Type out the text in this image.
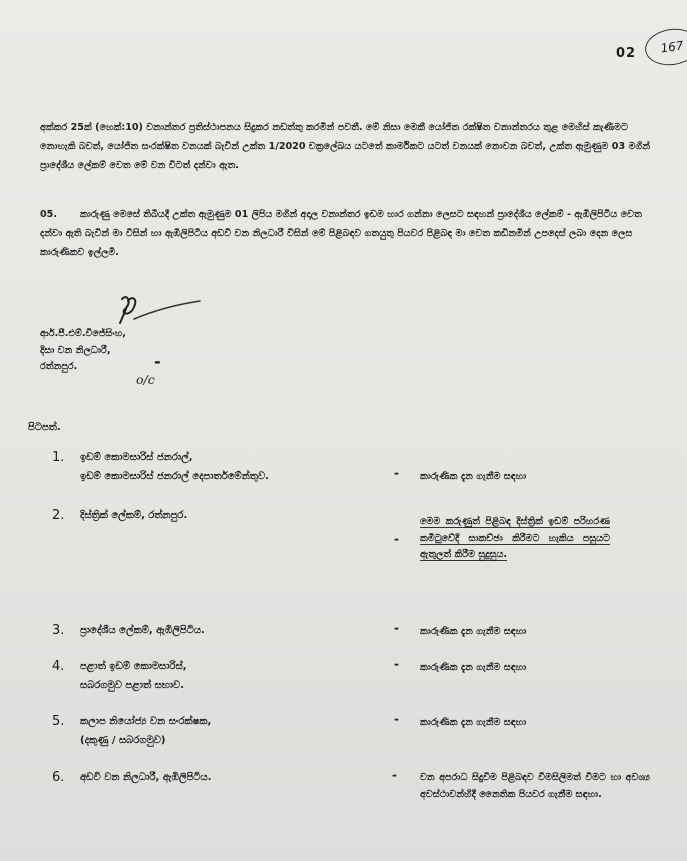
02	167
අක්කර 25ක් (හෙක්:10) වනාන්තර ප්‍රතිස්ථාපනය සිදුකර නඩත්තු කරමින් පවතී. මේ නිසා මෙකී යෝජිත රක්ෂිත වනාන්තරය තුළ මෙහිස් කැණීමට නොහැකි බවත්, යෝජිත සංරක්ෂිත වනයක් බැවින් උක්ත 1/2020 චක්‍රලේඛය යටතේ කාර්මිකට යටත් වනයක් නොවන බවත්, උක්ත ඇමුණුම 03 මගින් ප්‍රාදේශීය ලේකම් වෙත මේ වන විටත් දන්වා ඇත.
05. කාරුණු මෙසේ තිබියදී උක්ත ඇමුණුම 01 ලිපිය මගින් අදාල වනාන්තර ඉඩම භාර ගන්නා ලෙසට සඳහන් ප්‍රාදේශීය ලේකම් - ඇඹිලිපිටිය වෙත දන්වා ඇති බැවින් මා විසින් හා ඇඹිලිපිටිය අඩවි වන නිලධාරී විසින් මේ පිළිබඳව ගතයුතු පියවර පිළිබඳ මා වෙත කඩිනමින් උපදෙස් ලබා දෙන ලෙස කාරුණිකව ඉල්ලමි.
ආර්.පී.එම්.විජේසිංහ,
දිසා වන නිලධාරී,
රත්නපුර.	-
o/c
පිටපත්.
1. ඉඩම් කොමසාරිස් ජනරාල්,
ඉඩම් කොමසාරිස් ජනරාල් දෙපාර්තමේන්තුව.	- කාරුණික දැන ගැනීම සඳහා
2. දිස්ත්‍රික් ලේකම්, රත්නපුර.
-
මෙම කරුණුත් පිළිබඳ දිස්ත්‍රික් ඉඩම් පරිහරණ කමිටුවේදී සාකච්ඡා කිරීමට හැකිය පසුයට ඇතුලත් කිරීම සුදුසුය.
3. ප්‍රාදේශීය ලේකම්, ඇඹිලිපිටිය.	- කාරුණික දැන ගැනීම සඳහා
4. පළාත් ඉඩම් කොමසාරිස්,
සබරගමුව පළාත් සභාව.
- කාරුණික දැන ගැනීම සඳහා
5. කලාප නියෝජ්‍ය වන සංරක්ෂක,
(දකුණු / සබරගමුව)
- කාරුණික දැන ගැනීම සඳහා
6. අඩවි වන නිලධාරී, ඇඹිලිපිටිය.	- වන අපරාධ සිදුවීම පිළිබඳව විමසිලිමත් වීමට හා අවශ්‍ය අවස්ථාවන්හිදී නෛතික පියවර ගැනීම සඳහා.
